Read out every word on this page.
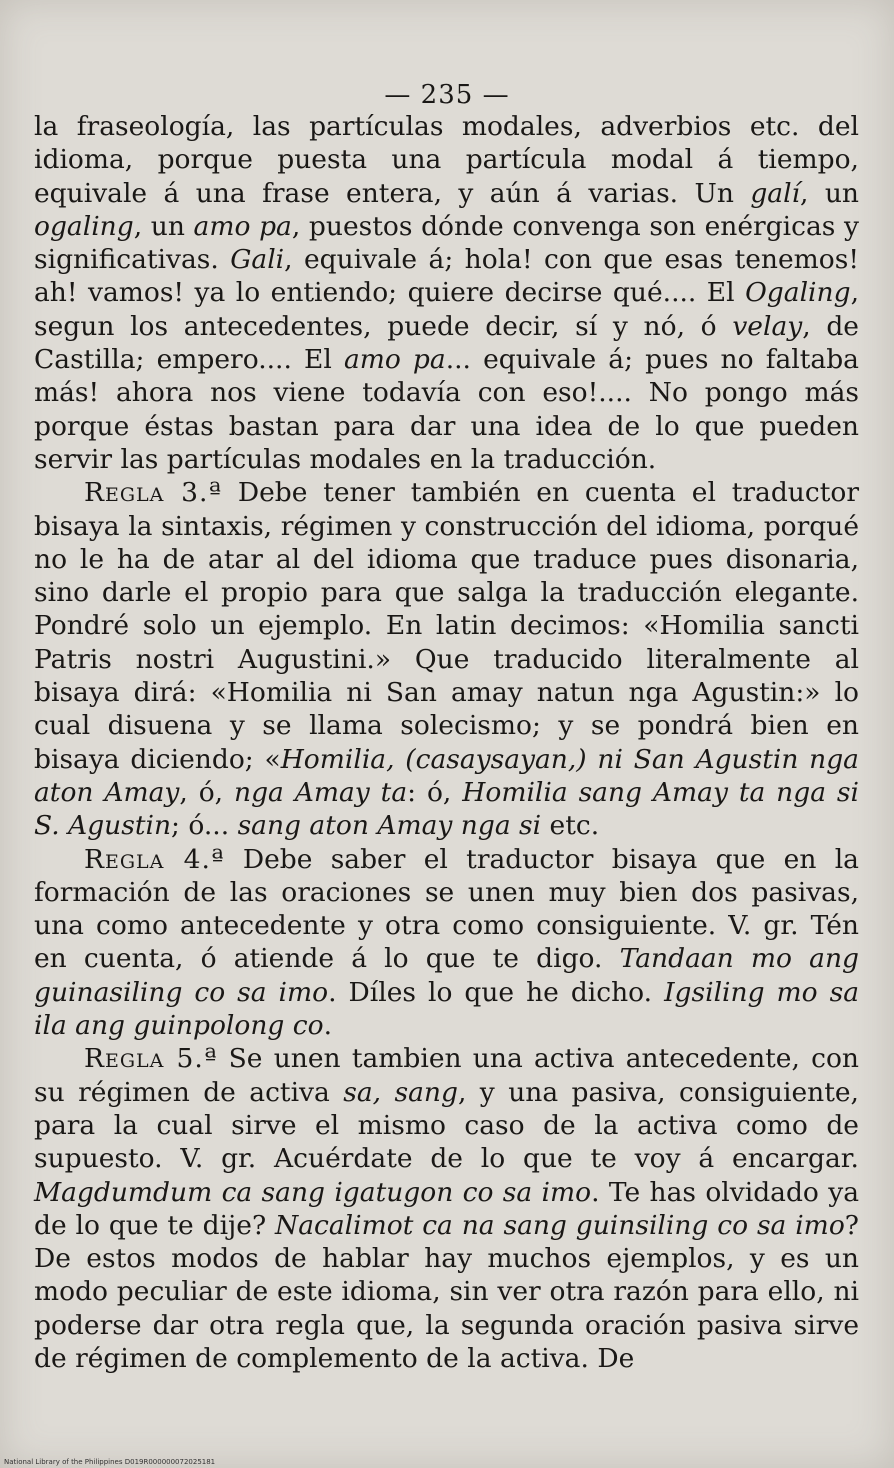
— 235 —

la fraseología, las partículas modales, adverbios etc. del idioma, porque puesta una partícula modal á tiempo, equivale á una frase entera, y aún á varias. Un galí, un ogaling, un amo pa, puestos dónde convenga son enérgicas y significativas. Gali, equivale á; hola! con que esas tenemos! ah! vamos! ya lo entiendo; quiere decirse qué.... El Ogaling, segun los antecedentes, puede decir, sí y nó, ó velay, de Castilla; empero.... El amo pa... equivale á; pues no faltaba más! ahora nos viene todavía con eso!.... No pongo más porque éstas bastan para dar una idea de lo que pueden servir las partículas modales en la traducción.

Regla 3.ª Debe tener también en cuenta el traductor bisaya la sintaxis, régimen y construcción del idioma, porqué no le ha de atar al del idioma que traduce pues disonaria, sino darle el propio para que salga la traducción elegante. Pondré solo un ejemplo. En latin decimos: «Homilia sancti Patris nostri Augustini.» Que traducido literalmente al bisaya dirá: «Homilia ni San amay natun nga Agustin:» lo cual disuena y se llama solecismo; y se pondrá bien en bisaya diciendo; «Homilia, (casaysayan,) ni San Agustin nga aton Amay, ó, nga Amay ta: ó, Homilia sang Amay ta nga si S. Agustin; ó... sang aton Amay nga si etc.

Regla 4.ª Debe saber el traductor bisaya que en la formación de las oraciones se unen muy bien dos pasivas, una como antecedente y otra como consiguiente. V. gr. Tén en cuenta, ó atiende á lo que te digo. Tandaan mo ang guinasiling co sa imo. Díles lo que he dicho. Igsiling mo sa ila ang guinpolong co.

Regla 5.ª Se unen tambien una activa antecedente, con su régimen de activa sa, sang, y una pasiva, consiguiente, para la cual sirve el mismo caso de la activa como de supuesto. V. gr. Acuérdate de lo que te voy á encargar. Magdumdum ca sang igatugon co sa imo. Te has olvidado ya de lo que te dije? Nacalimot ca na sang guinsiling co sa imo? De estos modos de hablar hay muchos ejemplos, y es un modo peculiar de este idioma, sin ver otra razón para ello, ni poderse dar otra regla que, la segunda oración pasiva sirve de régimen de complemento de la activa. De

National Library of the Philippines D019R000000072025181
